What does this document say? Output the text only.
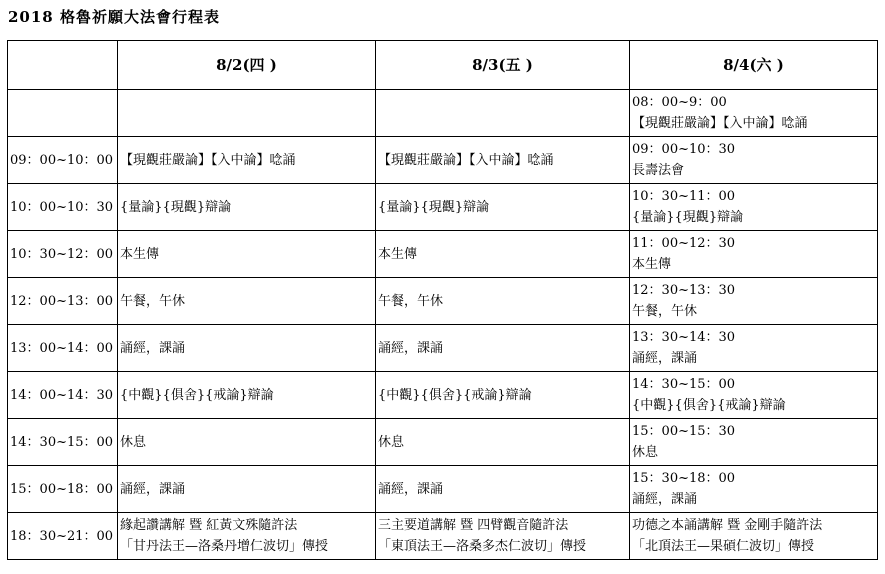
2018 格魯祈願大法會行程表
	8/2(四 )	8/3(五 )	8/4(六 )

			08：00~9：00
【現觀莊嚴論】【入中論】唸誦

09：00~10：00	【現觀莊嚴論】【入中論】唸誦	【現觀莊嚴論】【入中論】唸誦	09：00~10：30
長壽法會

10：00~10：30	{量論}{現觀}辯論	{量論}{現觀}辯論	10：30~11：00
{量論}{現觀}辯論

10：30~12：00	本生傳	本生傳	11：00~12：30
本生傳

12：00~13：00	午餐，午休	午餐，午休	12：30~13：30
午餐，午休

13：00~14：00	誦經，課誦	誦經，課誦	13：30~14：30
誦經，課誦

14：00~14：30	{中觀}{俱舍}{戒論}辯論	{中觀}{俱舍}{戒論}辯論	14：30~15：00
{中觀}{俱舍}{戒論}辯論

14：30~15：00	休息	休息	15：00~15：30
休息

15：00~18：00	誦經，課誦	誦經，課誦	15：30~18：00
誦經，課誦

18：30~21：00	緣起讚講解 暨 紅黃文殊隨許法
「甘丹法王—洛桑丹增仁波切」傳授	三主要道講解 暨 四臂觀音隨許法
「東頂法王—洛桑多杰仁波切」傳授	功德之本誦講解 暨 金剛手隨許法
「北頂法王—果碩仁波切」傳授
